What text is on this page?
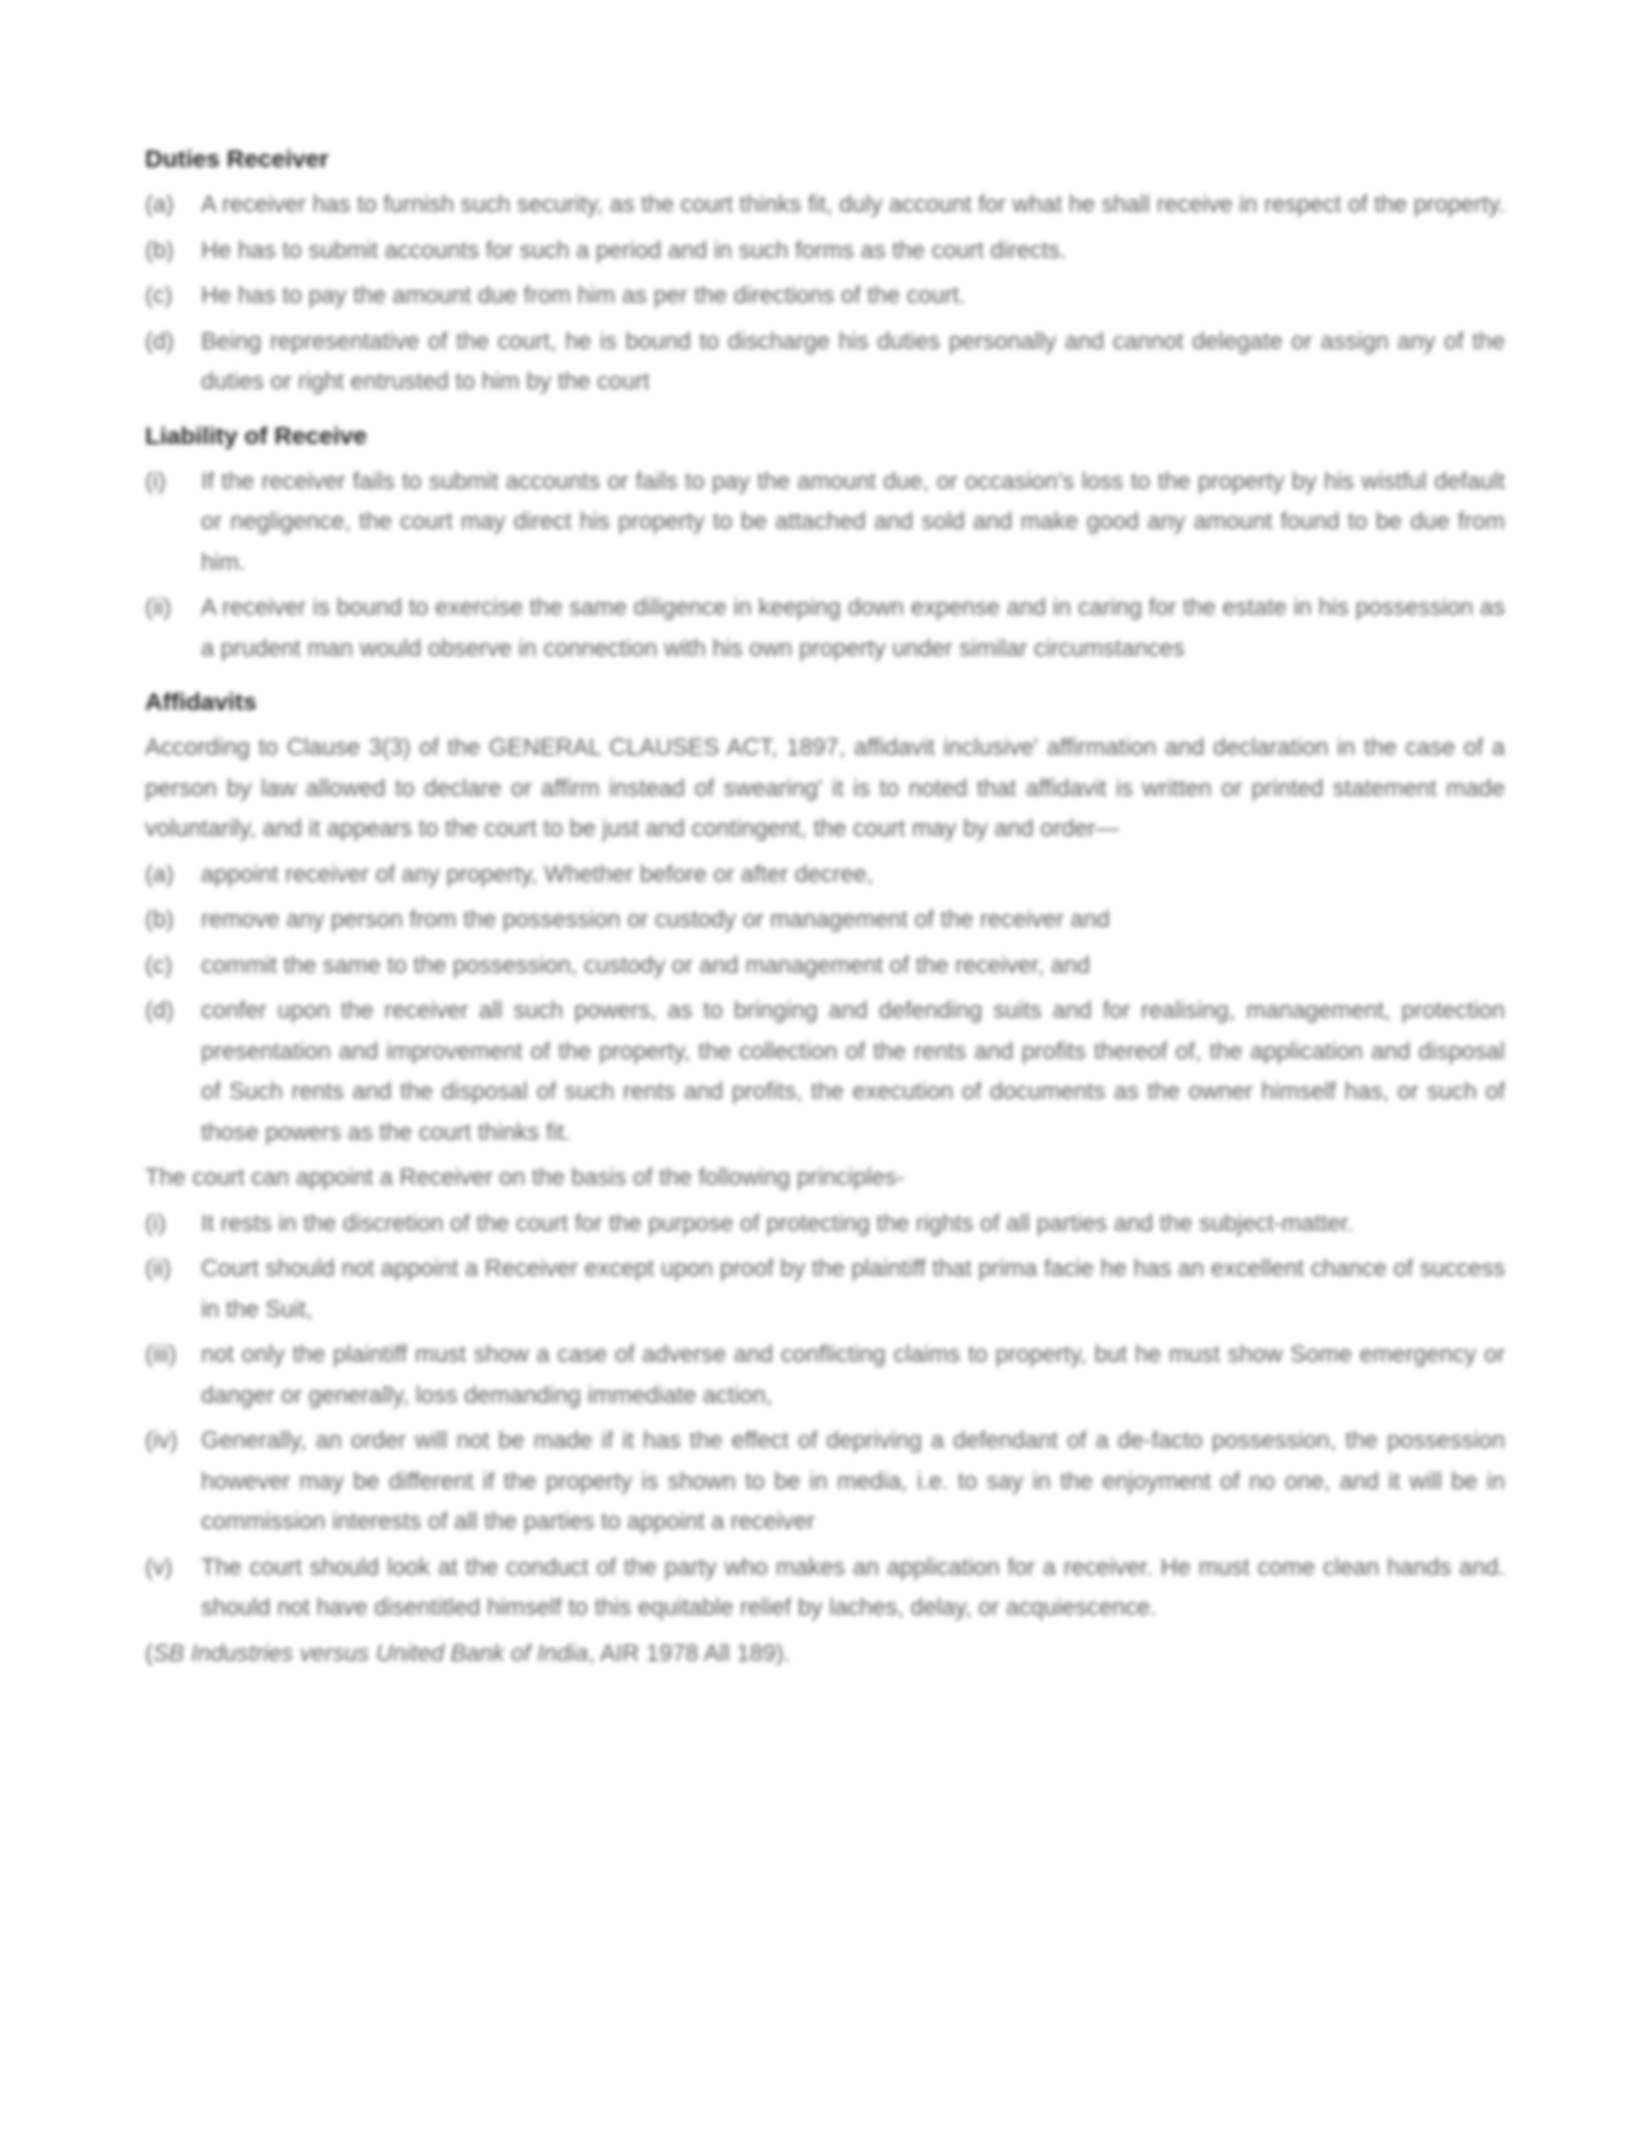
Duties Receiver
(a)	A receiver has to furnish such security, as the court thinks fit, duly account for what he shall receive in respect of the property.
(b)	He has to submit accounts for such a period and in such forms as the court directs.
(c)	He has to pay the amount due from him as per the directions of the court.
(d)	Being representative of the court, he is bound to discharge his duties personally and cannot delegate or assign any of the duties or right entrusted to him by the court
Liability of Receive
(i)	If the receiver fails to submit accounts or fails to pay the amount due, or occasion's loss to the property by his wistful default or negligence, the court may direct his property to be attached and sold and make good any amount found to be due from him.
(ii)	A receiver is bound to exercise the same diligence in keeping down expense and in caring for the estate in his possession as a prudent man would observe in connection with his own property under similar circumstances
Affidavits

According to Clause 3(3) of the GENERAL CLAUSES ACT, 1897, affidavit inclusive' affirmation and declaration in the case of a person by law allowed to declare or affirm instead of swearing' it is to noted that affidavit is written or printed statement made voluntarily, and it appears to the court to be just and contingent, the court may by and order—

(a)	appoint receiver of any property, Whether before or after decree,
(b)	remove any person from the possession or custody or management of the receiver and
(c)	commit the same to the possession, custody or and management of the receiver, and
(d)	confer upon the receiver all such powers, as to bringing and defending suits and for realising, management, protection presentation and improvement of the property, the collection of the rents and profits thereof of, the application and disposal of Such rents and the disposal of such rents and profits, the execution of documents as the owner himself has, or such of those powers as the court thinks fit.

The court can appoint a Receiver on the basis of the following principles-

(i)	It rests in the discretion of the court for the purpose of protecting the rights of all parties and the subject-matter.
(ii)	Court should not appoint a Receiver except upon proof by the plaintiff that prima facie he has an excellent chance of success in the Suit,
(iii)	not only the plaintiff must show a case of adverse and conflicting claims to property, but he must show Some emergency or danger or generally, loss demanding immediate action,
(iv) Generally, an order will not be made if it has the effect of depriving a defendant of a de-facto possession, the possession however may be different if the property is shown to be in media, i.e. to say in the enjoyment of no one, and it will be in commission interests of all the parties to appoint a receiver
(v)	The court should look at the conduct of the party who makes an application for a receiver. He must come clean hands and. should not have disentitled himself to this equitable relief by laches, delay, or acquiescence.
(SB Industries versus United Bank of India, AIR 1978 All 189).
